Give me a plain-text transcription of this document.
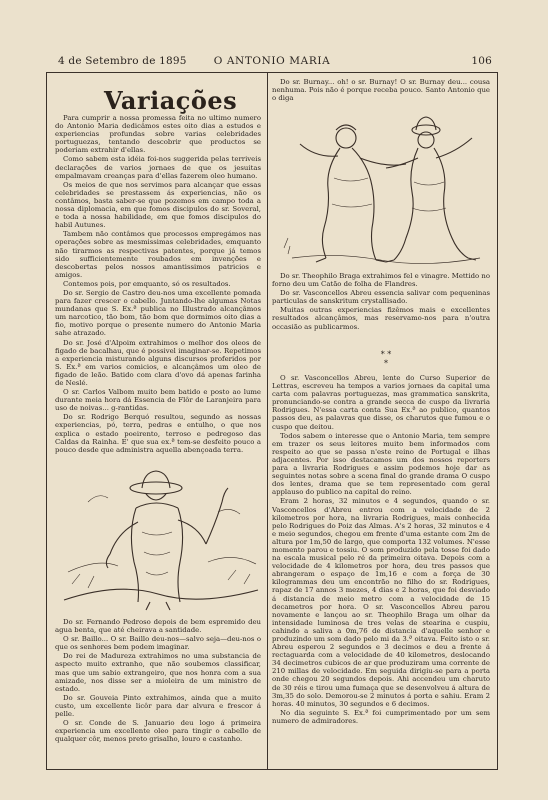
4 de Setembro de 1895	O ANTONIO MARIA	106
Variações

Para cumprir a nossa promessa feita no ultimo numero do Antonio Maria dedicâmos estes oito dias a estudos e experiencias profundas sobre varias celebridades portuguezas, tentando descobrir que productos se poderiam extrahir d'ellas.

Como sabem esta idéia foi-nos suggerida pelas terriveis declarações de varios jornaes de que os jesuitas empalmavam creanças para d'ellas fazerem oleo humano.

Os meios de que nos servimos para alcançar que essas celebridades se prestassem ás experiencias, não os contâmos, basta saber-se que pozemos em campo toda a nossa diplomacia, em que fomos discipulos do sr. Soveral, e toda a nossa habilidade, em que fomos discipulos do habil Autunes.

Tambem não contâmos que processos empregámos nas operações sobre as mesmissimas celebridades, emquanto não tirarmos as respectivas patentes, porque já temos sido sufficientemente roubados em invenções e descobertas pelos nossos amantissimos patricios e amigos.

Contemos pois, por emquanto, só os resultados.

Do sr. Sergio de Castro deu-nos uma excellente pomada para fazer crescer o cabello. Juntando-lhe algumas Notas mundanas que S. Ex.ª publica no Illustrado alcançâmos um narcotico, tão bom, tão bom que dormimos oito dias a fio, motivo porque o presente numero do Antonio Maria sahe atrazado.

Do sr. José d'Alpoim extrahimos o melhor dos oleos de figado de bacalhau, que é possivel imaginar-se. Repetimos a experiencia misturando alguns discursos proferidos por S. Ex.ª em varios comicios, e alcançâmos um oleo de figado de leão. Batido com clara d'ovo dá apenas farinha de Neslé.

O sr. Carlos Valbom muito bem batido e posto ao lume durante meia hora dá Essencia de Flôr de Laranjeira para uso de noivas... g-rantidas.

Do sr. Rodrigo Berquó resultou, segundo as nossas experiencias, pó, terra, pedras e entulho, o que nos explica o estado poeirento, terroso e pedregoso das Caldas da Rainha. E' que sua ex.ª tem-se desfeito pouco a pouco desde que administra aquella abençoada terra.

Do sr. Fernando Pedroso depois de bem espremido deu agua benta, que até cheirava a santidade.

O sr. Baillo... O sr. Baillo deu-nos—salvo seja—deu-nos o que os senhores bem podem imaginar.

Do rei de Madureza extrahimos no uma substancia de aspecto muito extranho, que não soubemos classificar, mas que um sabio extrangeiro, que nos honra com a sua amizade, nos disse ser a mioleira de um ministro de estado.

Do sr. Gouveia Pinto extrahimos, ainda que a muito custo, um excellente licôr para dar alvura e frescor á pelle.

O sr. Conde de S. Januario deu logo á primeira experiencia um excellente oleo para tingir o cabello de qualquer côr, menos preto grisalho, louro e castanho.

Do sr. Burnay... oh! o sr. Burnay! O sr. Burnay deu... cousa nenhuma. Pois não é porque receba pouco. Santo Antonio que o diga

Do sr. Theophilo Braga extrahimos fel e vinagre. Mettido no forno deu um Catão de folha de Flandres.

Do sr. Vasconcellos Abreu essencia salivar com pequeninas particulas de sanskritum crystallisado.

Muitas outras experiencias fizêmos mais e excellentes resultados alcançâmos, mas reservamo-nos para n'outra occasião as publicarmos.

* *
*

O sr. Vasconcellos Abreu, lente do Curso Superior de Lettras, escreveu ha tempos a varios jornaes da capital uma carta com palavras portuguezas, mas grammatica sanskrita, pronunciando-se contra a grande secca de cuspo da livraria Rodrigues. N'essa carta conta Sua Ex.ª ao publico, quantos passos deu, as palavras que disse, os charutos que fumou e o cuspo que deitou.

Todos sabem o interesse que o Antonio Maria, tem sempre em trazer os seus leitores muito bem informados com respeito ao que se passa n'este reino de Portugal e ilhas adjacentes. Por isso destacamos um dos nossos reporters para a livraria Rodrigues e assim podemos hoje dar as seguintes notas sobre a scena final do grande drama O cuspo dos lentes, drama que se tem representado com geral applauso do publico na capital do reino.

Eram 2 horas, 32 minutos e 4 segundos, quando o sr. Vasconcellos d'Abreu entrou com a velocidade de 2 kilometros por hora, na livraria Rodrigues, mais conhecida pelo Rodrigues do Poiz das Almas. A's 2 horas, 32 minutos e 4 e meio segundos, chegou em frente d'uma estante com 2m de altura por 1m,50 de largo, que comporta 132 volumes. N'esse momento parou e tossiu. O som produzido pela tosse foi dado na escala musical pelo ré da primeira oitava. Depois com a velocidade de 4 kilometros por hora, deu tres passos que abrangeram o espaço de 1m,16 e com a força de 30 kilogrammas deu um encontrão no filho do sr. Rodrigues, rapaz de 17 annos 3 mezes, 4 dias e 2 horas, que foi desviado á distancia de meio metro com a velocidade de 15 decametros por hora. O sr. Vasconcellos Abreu parou novamente e lançou ao sr. Theophilo Braga um olhar da intensidade luminosa de tres velas de stearina e cuspiu, cahindo a saliva a 0m,76 de distancia d'aquelle senhor e produzindo um som dado pelo mi da 3.ª oitava. Feito isto o sr. Abreu esperou 2 segundos e 3 decimos e deu a frente á rectaguarda com a velocidade de 40 kilometros, deslocando 34 decimetros cubicos de ar que produziram uma corrente de 210 millas de velocidade. Em seguida dirigiu-se para a porta onde chegou 20 segundos depois. Ahi accendeu um charuto de 30 réis e tirou uma fumaça que se desenvolveu á altura de 3m,35 do solo. Demorou-se 2 minutos á porta e sahiu. Eram 2 horas. 40 minutos, 30 segundos e 6 decimos.

No dia seguinte S. Ex.ª foi cumprimentado por um sem numero de admiradores.
